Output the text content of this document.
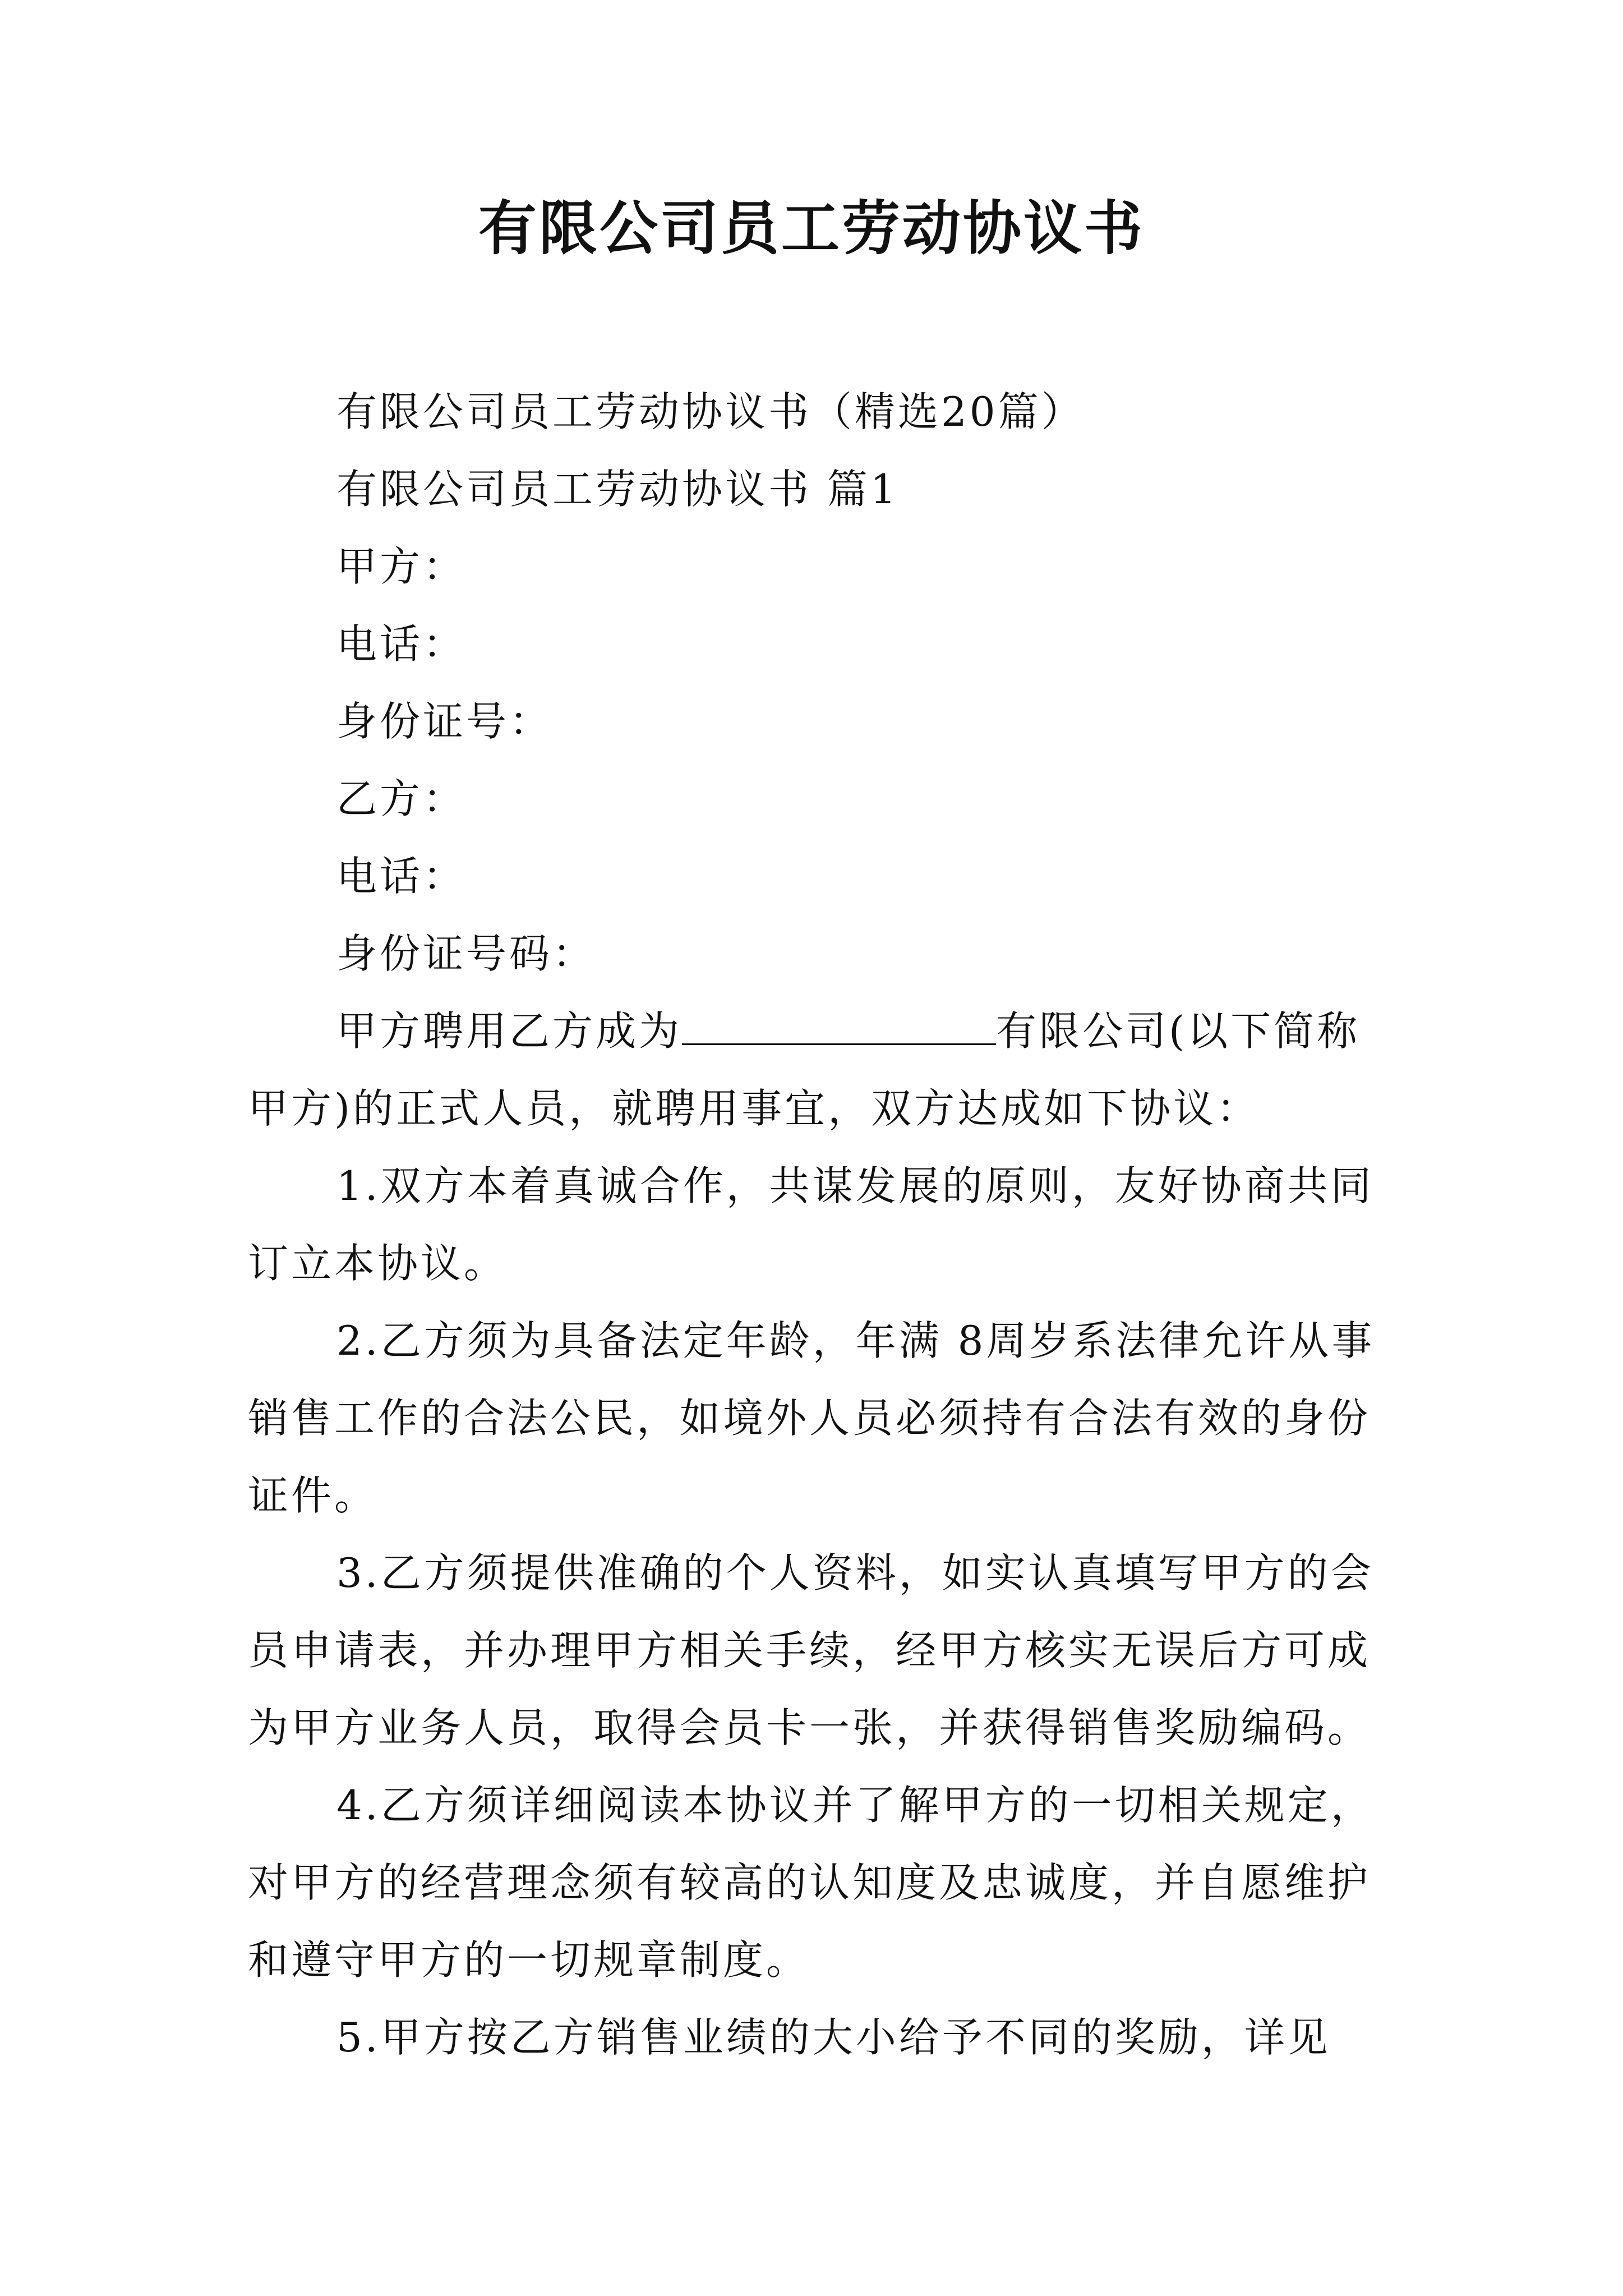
有限公司员工劳动协议书
有限公司员工劳动协议书（精选20篇）
有限公司员工劳动协议书 篇1
甲方：
电话：
身份证号：
乙方：
电话：
身份证号码：
甲方聘用乙方成为	有限公司(以下简称
甲方)的正式人员，就聘用事宜，双方达成如下协议：
1.双方本着真诚合作，共谋发展的原则，友好协商共同
订立本协议。
2.乙方须为具备法定年龄，年满 8周岁系法律允许从事
销售工作的合法公民，如境外人员必须持有合法有效的身份
证件。
3.乙方须提供准确的个人资料，如实认真填写甲方的会
员申请表，并办理甲方相关手续，经甲方核实无误后方可成
为甲方业务人员，取得会员卡一张，并获得销售奖励编码。
4.乙方须详细阅读本协议并了解甲方的一切相关规定，
对甲方的经营理念须有较高的认知度及忠诚度，并自愿维护
和遵守甲方的一切规章制度。
5.甲方按乙方销售业绩的大小给予不同的奖励，详见
